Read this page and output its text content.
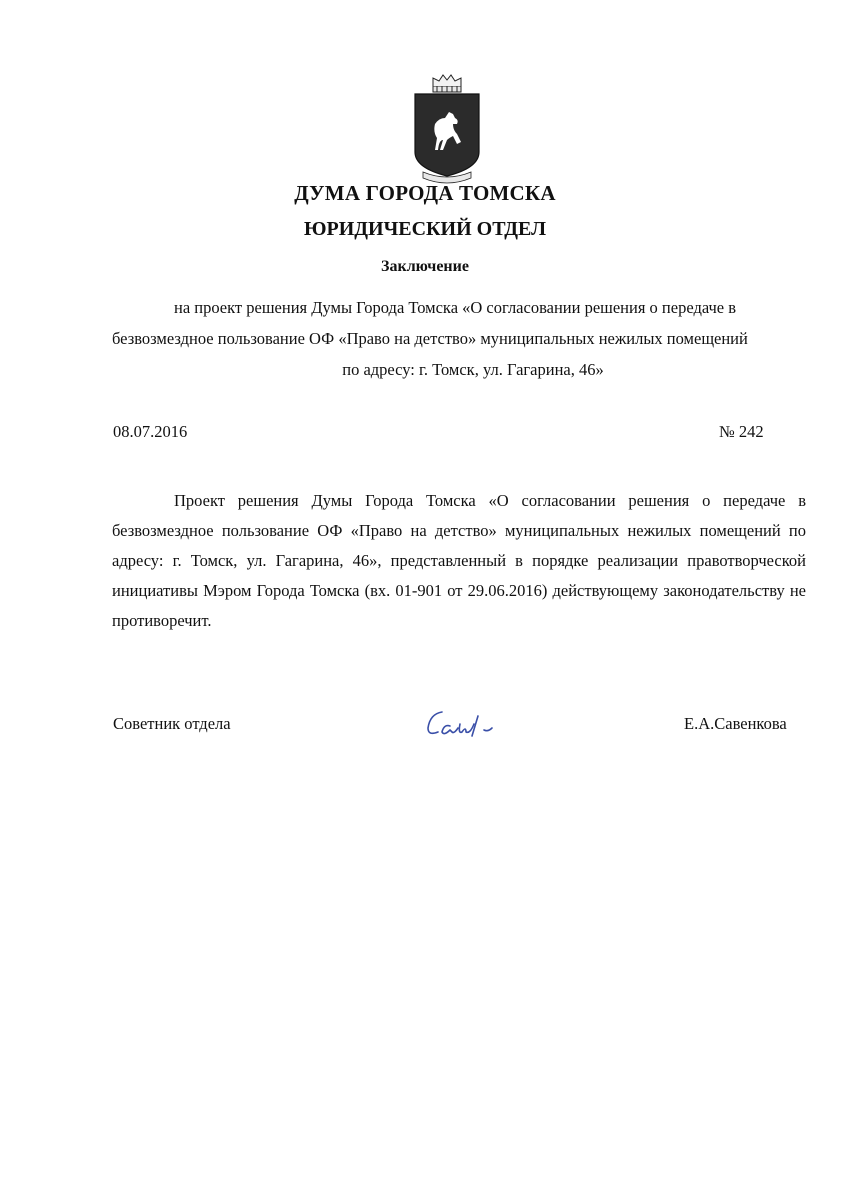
ДУМА ГОРОДА ТОМСКА
ЮРИДИЧЕСКИЙ ОТДЕЛ
Заключение
на проект решения Думы Города Томска «О согласовании решения о передаче в
безвозмездное пользование ОФ «Право на детство» муниципальных нежилых помещений
по адресу: г. Томск, ул. Гагарина, 46»
08.07.2016	№ 242
Проект решения Думы Города Томска «О согласовании решения о передаче в безвозмездное пользование ОФ «Право на детство» муниципальных нежилых помещений по адресу: г. Томск, ул. Гагарина, 46», представленный в порядке реализации правотворческой инициативы Мэром Города Томска (вх. 01-901 от 29.06.2016) действующему законодательству не противоречит.
Советник отдела	Е.А.Савенкова
